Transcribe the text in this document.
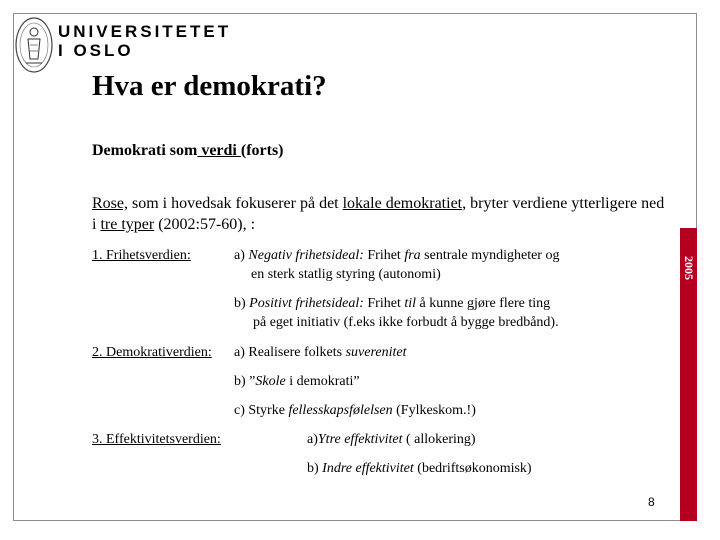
UNIVERSITETET
I OSLO
2005
Hva er demokrati?
Demokrati som verdi (forts)
Rose, som i hovedsak fokuserer på det lokale demokratiet, bryter verdiene ytterligere ned i tre typer (2002:57-60), :
1. Frihetsverdien:	a) Negativ frihetsideal: Frihet fra sentrale myndigheter og
en sterk statlig styring (autonomi)
b) Positivt frihetsideal: Frihet til å kunne gjøre flere ting
på eget initiativ (f.eks ikke forbudt å bygge bredbånd).
2. Demokrativerdien: a) Realisere folkets suverenitet
b) ”Skole i demokrati”
c) Styrke fellesskapsfølelsen (Fylkeskom.!)
3. Effektivitetsverdien:	a)Ytre effektivitet ( allokering)
b) Indre effektivitet (bedriftsøkonomisk)
8
